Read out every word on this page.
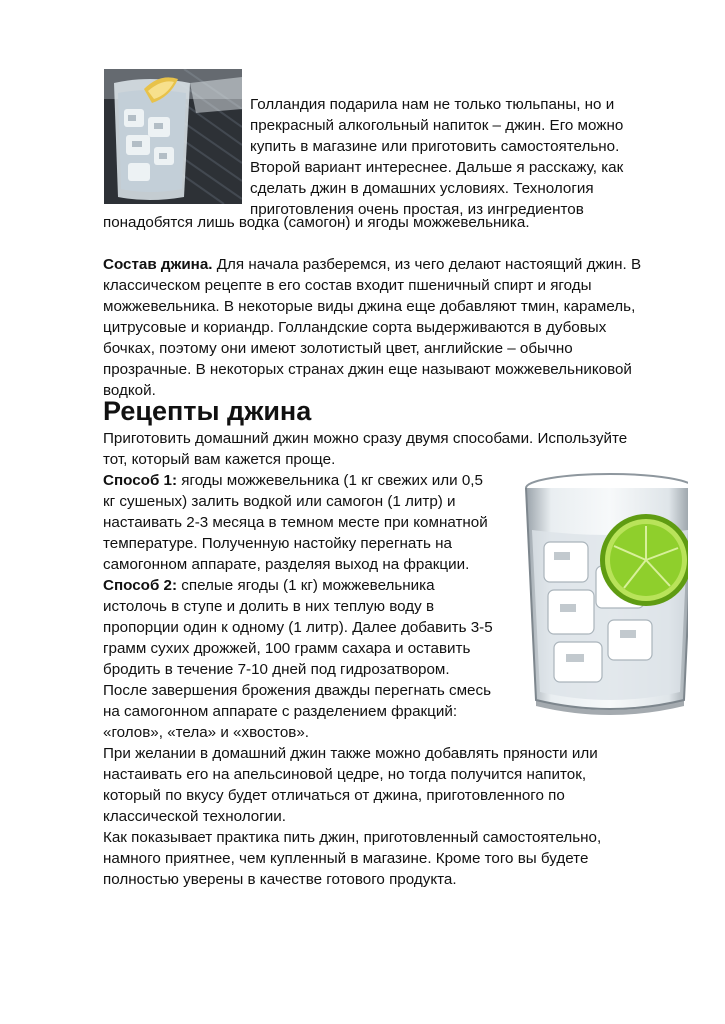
Голландия подарила нам не только тюльпаны, но и
прекрасный алкогольный напиток – джин. Его можно
купить в магазине или приготовить самостоятельно.
Второй вариант интереснее. Дальше я расскажу, как
сделать джин в домашних условиях. Технология
приготовления очень простая, из ингредиентов
понадобятся лишь водка (самогон) и ягоды можжевельника.
Состав джина. Для начала разберемся, из чего делают настоящий джин. В
классическом рецепте в его состав входит пшеничный спирт и ягоды
можжевельника. В некоторые виды джина еще добавляют тмин, карамель,
цитрусовые и кориандр. Голландские сорта выдерживаются в дубовых
бочках, поэтому они имеют золотистый цвет, английские – обычно
прозрачные. В некоторых странах джин еще называют можжевельниковой
водкой.
Рецепты джина
Приготовить домашний джин можно сразу двумя способами. Используйте
тот, который вам кажется проще.
Способ 1: ягоды можжевельника (1 кг свежих или 0,5
кг сушеных) залить водкой или самогон (1 литр) и
настаивать 2-3 месяца в темном месте при комнатной
температуре. Полученную настойку перегнать на
самогонном аппарате, разделяя выход на фракции.
Способ 2: спелые ягоды (1 кг) можжевельника
истолочь в ступе и долить в них теплую воду в
пропорции один к одному (1 литр). Далее добавить 3-5
грамм сухих дрожжей, 100 грамм сахара и оставить
бродить в течение 7-10 дней под гидрозатвором.
После завершения брожения дважды перегнать смесь
на самогонном аппарате с разделением фракций:
«голов», «тела» и «хвостов».
При желании в домашний джин также можно добавлять пряности или
настаивать его на апельсиновой цедре, но тогда получится напиток,
который по вкусу будет отличаться от джина, приготовленного по
классической технологии.
Как показывает практика пить джин, приготовленный самостоятельно,
намного приятнее, чем купленный в магазине. Кроме того вы будете
полностью уверены в качестве готового продукта.
